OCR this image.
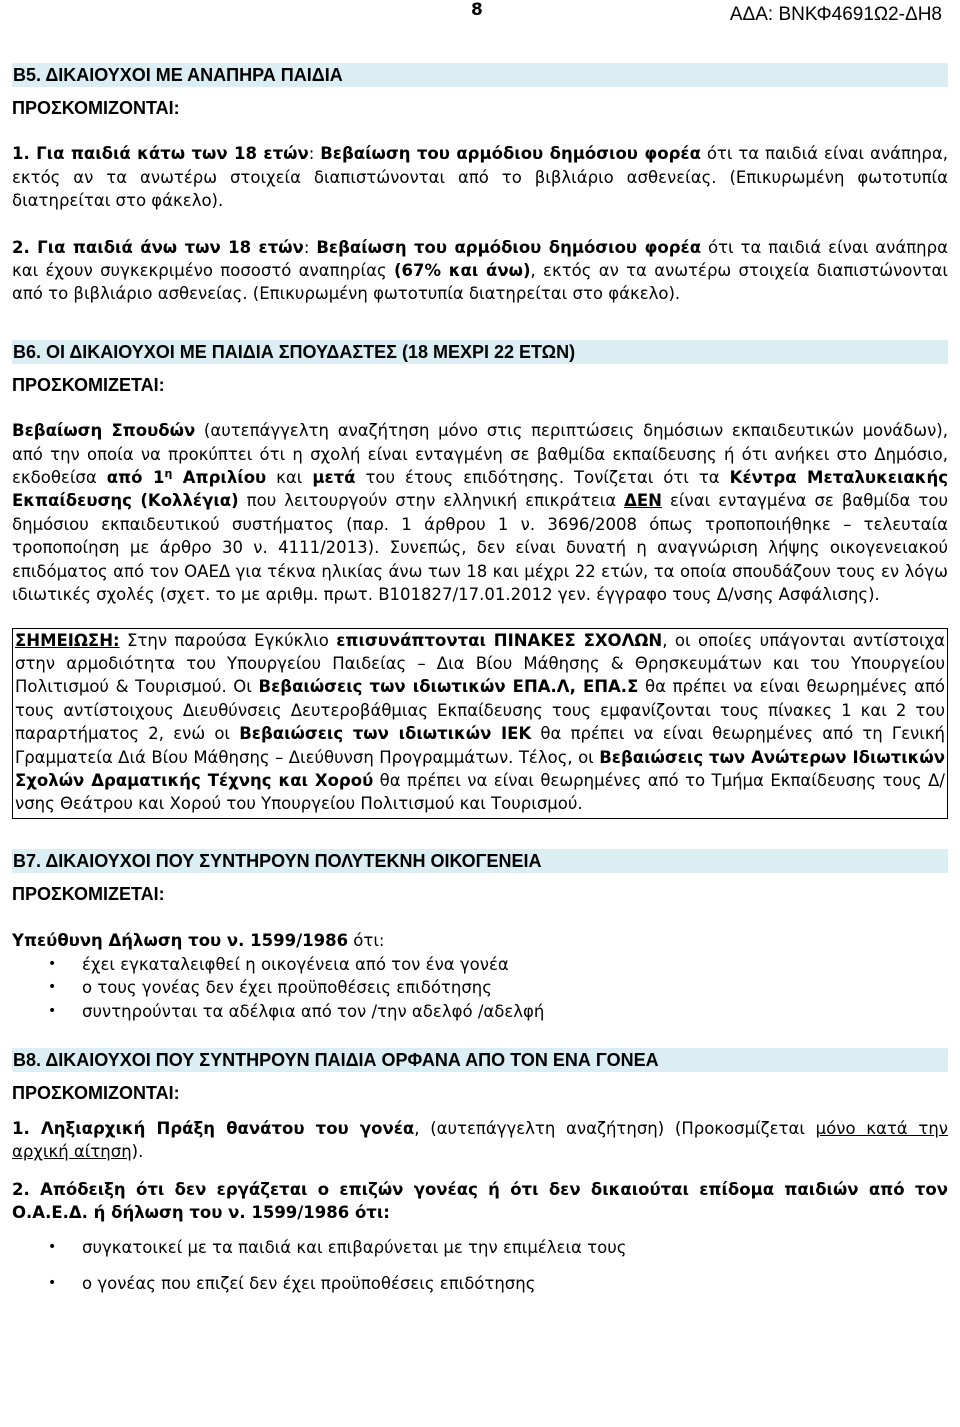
8	ΑΔΑ: ΒΝΚΦ4691Ω2-ΔΗ8
Β5. ΔΙΚΑΙΟΥΧΟΙ ΜΕ ΑΝΑΠΗΡΑ ΠΑΙΔΙΑ
ΠΡΟΣΚΟΜΙΖΟΝΤΑΙ:

1. Για παιδιά κάτω των 18 ετών: Βεβαίωση του αρμόδιου δημόσιου φορέα ότι τα παιδιά είναι ανάπηρα, εκτός αν τα ανωτέρω στοιχεία διαπιστώνονται από το βιβλιάριο ασθενείας. (Επικυρωμένη φωτοτυπία διατηρείται στο φάκελο).

2. Για παιδιά άνω των 18 ετών: Βεβαίωση του αρμόδιου δημόσιου φορέα ότι τα παιδιά είναι ανάπηρα και έχουν συγκεκριμένο ποσοστό αναπηρίας (67% και άνω), εκτός αν τα ανωτέρω στοιχεία διαπιστώνονται από το βιβλιάριο ασθενείας. (Επικυρωμένη φωτοτυπία διατηρείται στο φάκελο).

Β6. ΟΙ ΔΙΚΑΙΟΥΧΟΙ ΜΕ ΠΑΙΔΙΑ ΣΠΟΥΔΑΣΤΕΣ (18 ΜΕΧΡΙ 22 ΕΤΩΝ)
ΠΡΟΣΚΟΜΙΖΕΤΑΙ:

Βεβαίωση Σπουδών (αυτεπάγγελτη αναζήτηση μόνο στις περιπτώσεις δημόσιων εκπαιδευτικών μονάδων), από την οποία να προκύπτει ότι η σχολή είναι ενταγμένη σε βαθμίδα εκπαίδευσης ή ότι ανήκει στο Δημόσιο, εκδοθείσα από $1^\eta$ Απριλίου και μετά του έτους επιδότησης. Τονίζεται ότι τα Κέντρα Μεταλυκειακής Εκπαίδευσης (Κολλέγια) που λειτουργούν στην ελληνική επικράτεια ΔΕΝ είναι ενταγμένα σε βαθμίδα του δημόσιου εκπαιδευτικού συστήματος (παρ. 1 άρθρου 1 ν. 3696/2008 όπως τροποποιήθηκε – τελευταία τροποποίηση με άρθρο 30 ν. 4111/2013). Συνεπώς, δεν είναι δυνατή η αναγνώριση λήψης οικογενειακού επιδόματος από τον ΟΑΕΔ για τέκνα ηλικίας άνω των 18 και μέχρι 22 ετών, τα οποία σπουδάζουν τους εν λόγω ιδιωτικές σχολές (σχετ. το με αριθμ. πρωτ. Β101827/17.01.2012 γεν. έγγραφο τους Δ/νσης Ασφάλισης).

ΣΗΜΕΙΩΣΗ: Στην παρούσα Εγκύκλιο επισυνάπτονται ΠΙΝΑΚΕΣ ΣΧΟΛΩΝ, οι οποίες υπάγονται αντίστοιχα στην αρμοδιότητα του Υπουργείου Παιδείας – Δια Βίου Μάθησης & Θρησκευμάτων και του Υπουργείου Πολιτισμού & Τουρισμού. Οι Βεβαιώσεις των ιδιωτικών ΕΠΑ.Λ, ΕΠΑ.Σ θα πρέπει να είναι θεωρημένες από τους αντίστοιχους Διευθύνσεις Δευτεροβάθμιας Εκπαίδευσης τους εμφανίζονται τους πίνακες 1 και 2 του παραρτήματος 2, ενώ οι Βεβαιώσεις των ιδιωτικών ΙΕΚ θα πρέπει να είναι θεωρημένες από τη Γενική Γραμματεία Διά Βίου Μάθησης – Διεύθυνση Προγραμμάτων. Τέλος, οι Βεβαιώσεις των Ανώτερων Ιδιωτικών Σχολών Δραματικής Τέχνης και Χορού θα πρέπει να είναι θεωρημένες από το Τμήμα Εκπαίδευσης τους Δ/νσης Θεάτρου και Χορού του Υπουργείου Πολιτισμού και Τουρισμού.

Β7. ΔΙΚΑΙΟΥΧΟΙ ΠΟΥ ΣΥΝΤΗΡΟΥΝ ΠΟΛΥΤΕΚΝΗ ΟΙΚΟΓΕΝΕΙΑ
ΠΡΟΣΚΟΜΙΖΕΤΑΙ:

Υπεύθυνη Δήλωση του ν. 1599/1986 ότι:

• έχει εγκαταλειφθεί η οικογένεια από τον ένα γονέα
• ο τους γονέας δεν έχει προϋποθέσεις επιδότησης
• συντηρούνται τα αδέλφια από τον /την αδελφό /αδελφή
Β8. ΔΙΚΑΙΟΥΧΟΙ ΠΟΥ ΣΥΝΤΗΡΟΥΝ ΠΑΙΔΙΑ ΟΡΦΑΝΑ ΑΠΟ ΤΟΝ ΕΝΑ ΓΟΝΕΑ
ΠΡΟΣΚΟΜΙΖΟΝΤΑΙ:

1. Ληξιαρχική Πράξη θανάτου του γονέα, (αυτεπάγγελτη αναζήτηση) (Προκοσμίζεται μόνο κατά την αρχική αίτηση).

2. Απόδειξη ότι δεν εργάζεται ο επιζών γονέας ή ότι δεν δικαιούται επίδομα παιδιών από τον Ο.Α.Ε.Δ. ή δήλωση του ν. 1599/1986 ότι:

• συγκατοικεί με τα παιδιά και επιβαρύνεται με την επιμέλεια τους
• ο γονέας που επιζεί δεν έχει προϋποθέσεις επιδότησης
